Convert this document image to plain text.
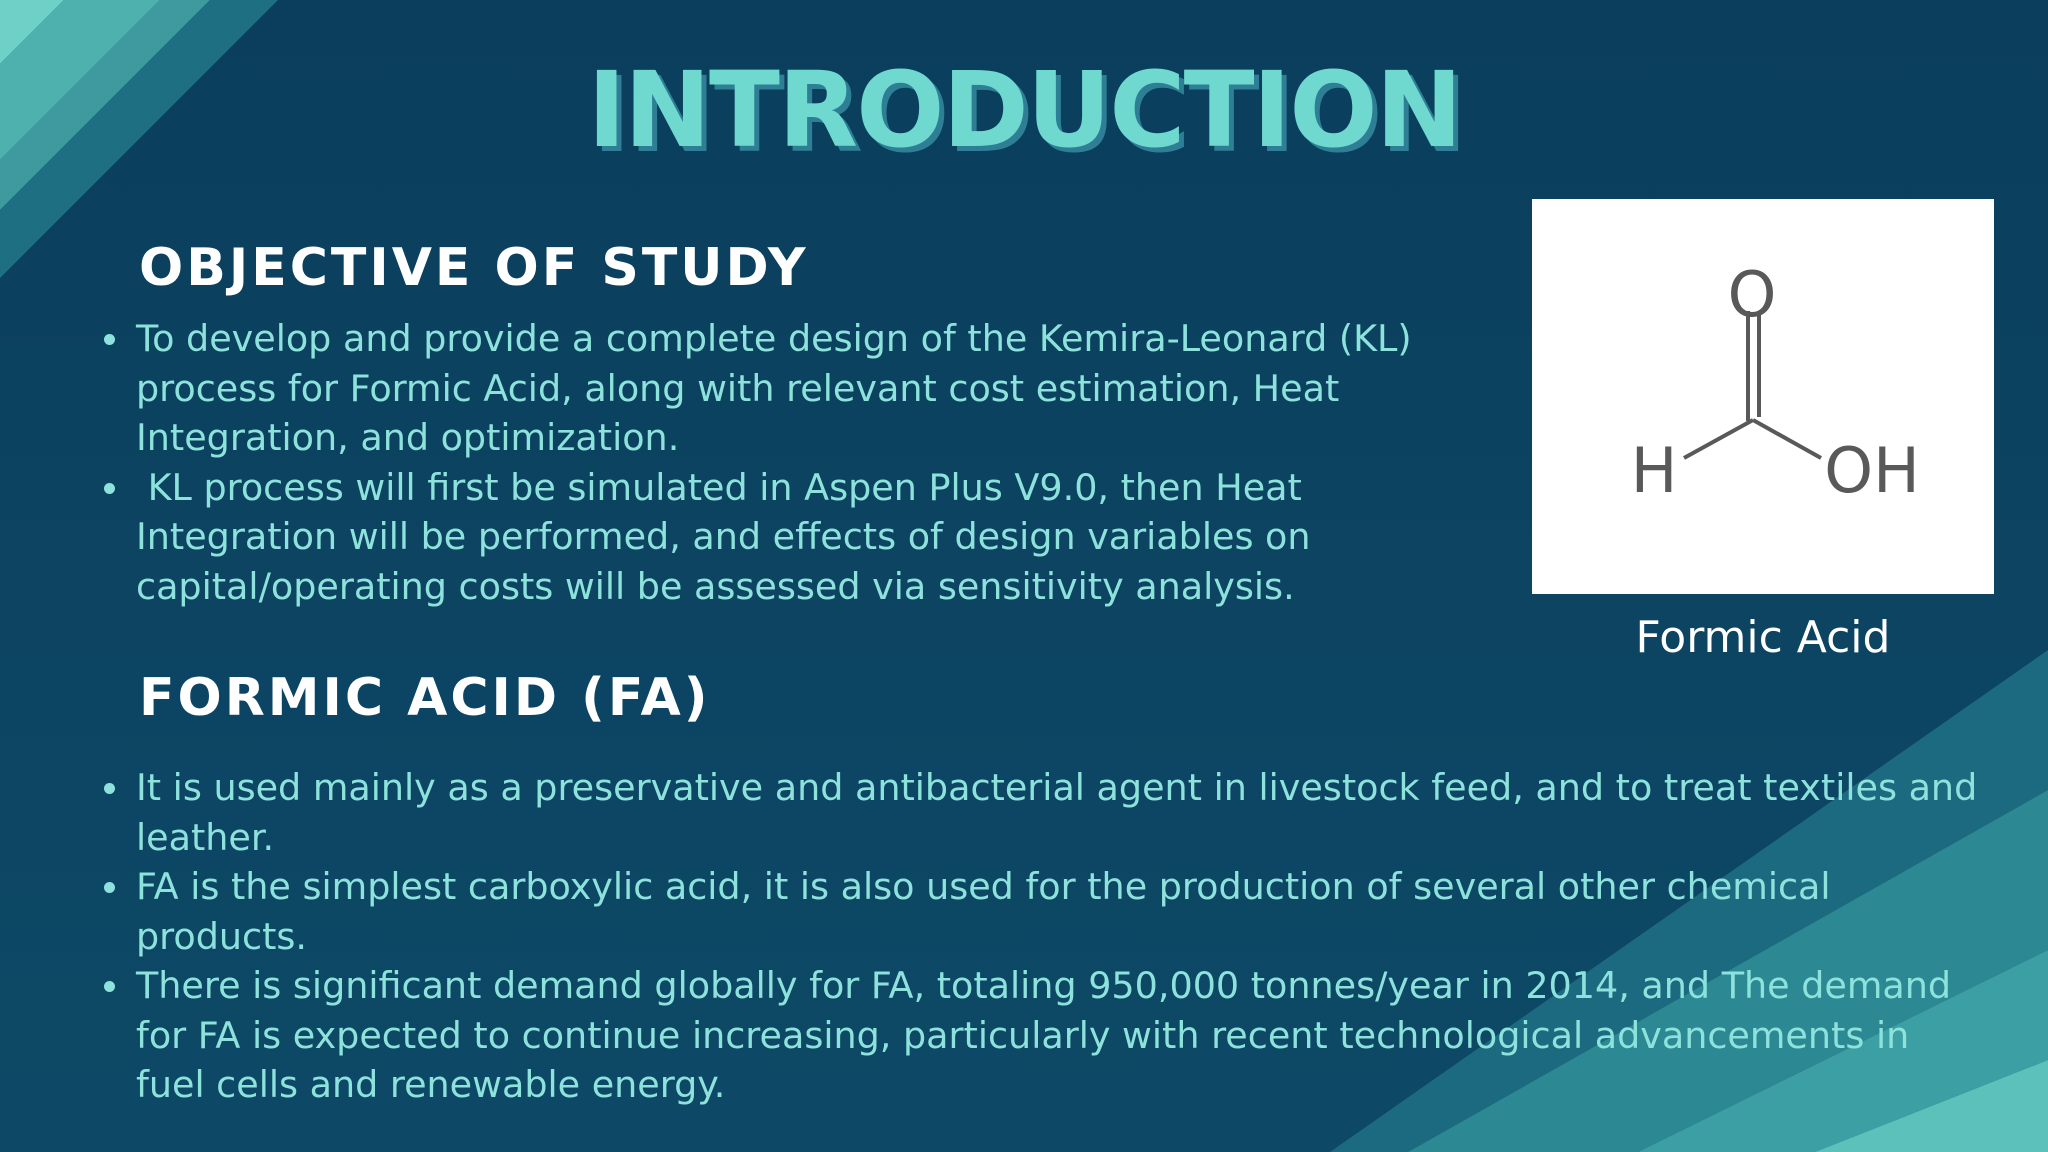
INTRODUCTION
OBJECTIVE OF STUDY
To develop and provide a complete design of the Kemira-Leonard (KL) process for Formic Acid, along with relevant cost estimation, Heat Integration, and optimization.
KL process will first be simulated in Aspen Plus V9.0, then Heat Integration will be performed, and effects of design variables on capital/operating costs will be assessed via sensitivity analysis.
FORMIC ACID (FA)
It is used mainly as a preservative and antibacterial agent in livestock feed, and to treat textiles and leather.
FA is the simplest carboxylic acid, it is also used for the production of several other chemical products.
There is significant demand globally for FA, totaling 950,000 tonnes/year in 2014, and The demand for FA is expected to continue increasing, particularly with recent technological advancements in fuel cells and renewable energy.
O
H OH
Formic Acid
